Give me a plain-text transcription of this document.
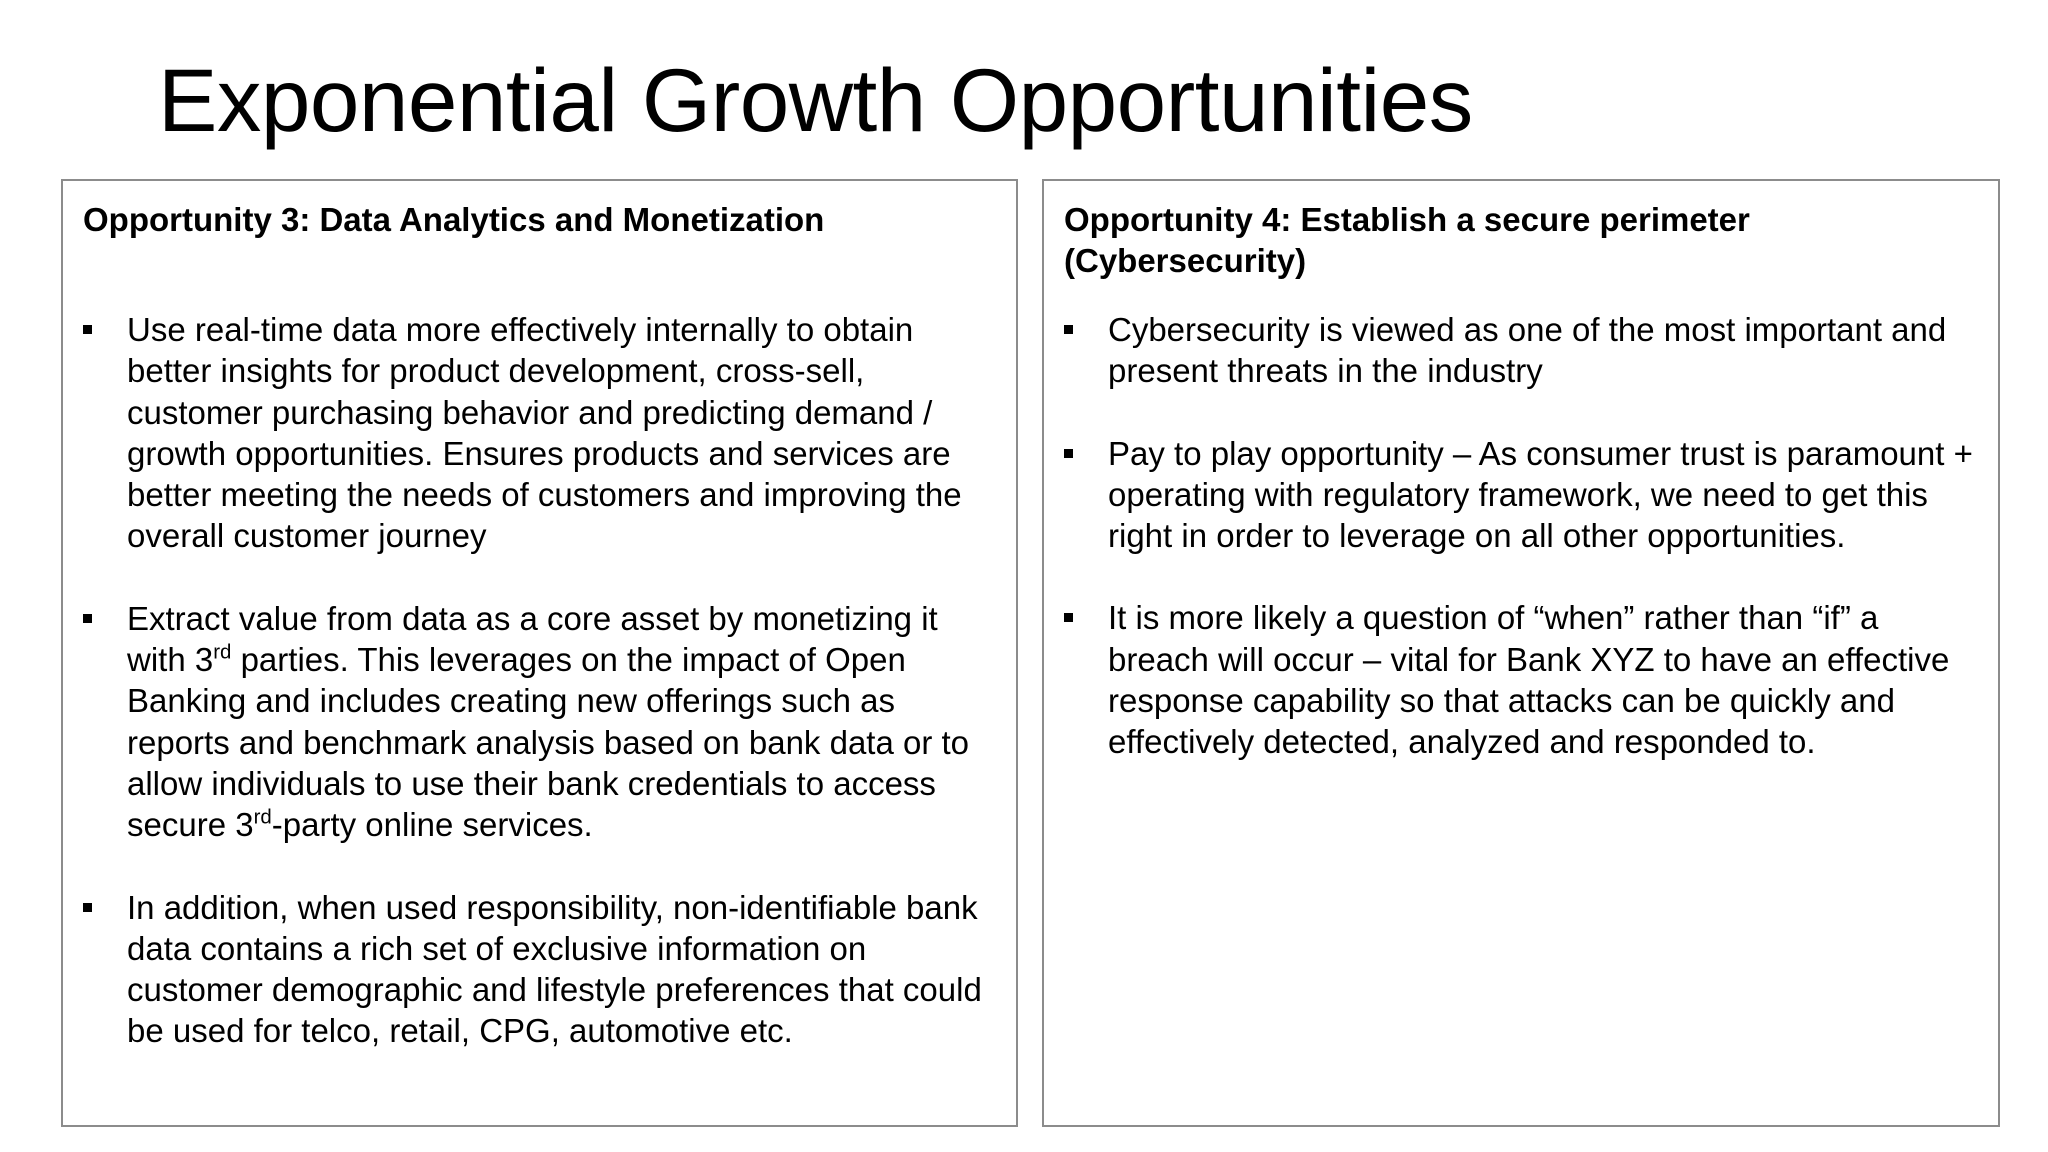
Exponential Growth Opportunities
Opportunity 3: Data Analytics and Monetization
Use real-time data more effectively internally to obtain better insights for product development, cross-sell, customer purchasing behavior and predicting demand / growth opportunities. Ensures products and services are better meeting the needs of customers and improving the overall customer journey
Extract value from data as a core asset by monetizing it with 3rd parties. This leverages on the impact of Open Banking and includes creating new offerings such as reports and benchmark analysis based on bank data or to allow individuals to use their bank credentials to access secure 3rd-party online services.
In addition, when used responsibility, non-identifiable bank data contains a rich set of exclusive information on customer demographic and lifestyle preferences that could be used for telco, retail, CPG, automotive etc.
Opportunity 4: Establish a secure perimeter (Cybersecurity)
Cybersecurity is viewed as one of the most important and present threats in the industry
Pay to play opportunity – As consumer trust is paramount + operating with regulatory framework, we need to get this right in order to leverage on all other opportunities.
It is more likely a question of “when” rather than “if” a breach will occur – vital for Bank XYZ to have an effective response capability so that attacks can be quickly and effectively detected, analyzed and responded to.
